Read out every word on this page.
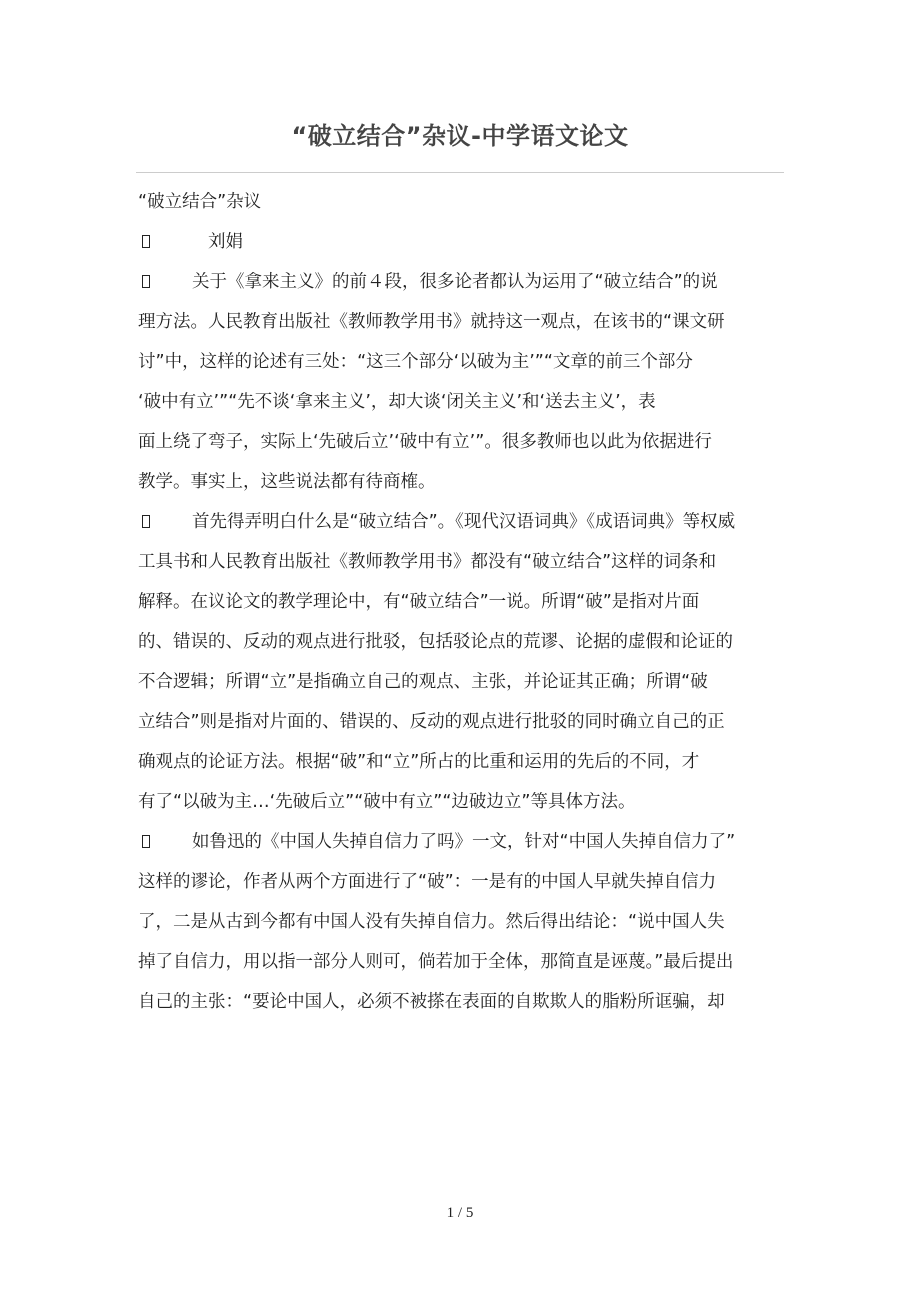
“破立结合”杂议-中学语文论文
“破立结合”杂议
刘娟
关于《拿来主义》的前４段，很多论者都认为运用了“破立结合”的说
理方法。人民教育出版社《教师教学用书》就持这一观点，在该书的“课文研
讨”中，这样的论述有三处：“这三个部分‘以破为主’”“文章的前三个部分
‘破中有立’”“先不谈‘拿来主义’，却大谈‘闭关主义’和‘送去主义’，表
面上绕了弯子，实际上‘先破后立’‘破中有立’”。很多教师也以此为依据进行
教学。事实上，这些说法都有待商榷。
首先得弄明白什么是“破立结合”。《现代汉语词典》《成语词典》等权威
工具书和人民教育出版社《教师教学用书》都没有“破立结合”这样的词条和
解释。在议论文的教学理论中，有“破立结合”一说。所谓“破”是指对片面
的、错误的、反动的观点进行批驳，包括驳论点的荒谬、论据的虚假和论证的
不合逻辑；所谓“立”是指确立自己的观点、主张，并论证其正确；所谓“破
立结合”则是指对片面的、错误的、反动的观点进行批驳的同时确立自己的正
确观点的论证方法。根据“破”和“立”所占的比重和运用的先后的不同，才
有了“以破为主…‘先破后立”“破中有立”“边破边立”等具体方法。
如鲁迅的《中国人失掉自信力了吗》一文，针对“中国人失掉自信力了”
这样的谬论，作者从两个方面进行了“破”：一是有的中国人早就失掉自信力
了，二是从古到今都有中国人没有失掉自信力。然后得出结论：“说中国人失
掉了自信力，用以指一部分人则可，倘若加于全体，那简直是诬蔑。”最后提出
自己的主张：“要论中国人，必须不被搽在表面的自欺欺人的脂粉所诓骗，却
1 / 5
